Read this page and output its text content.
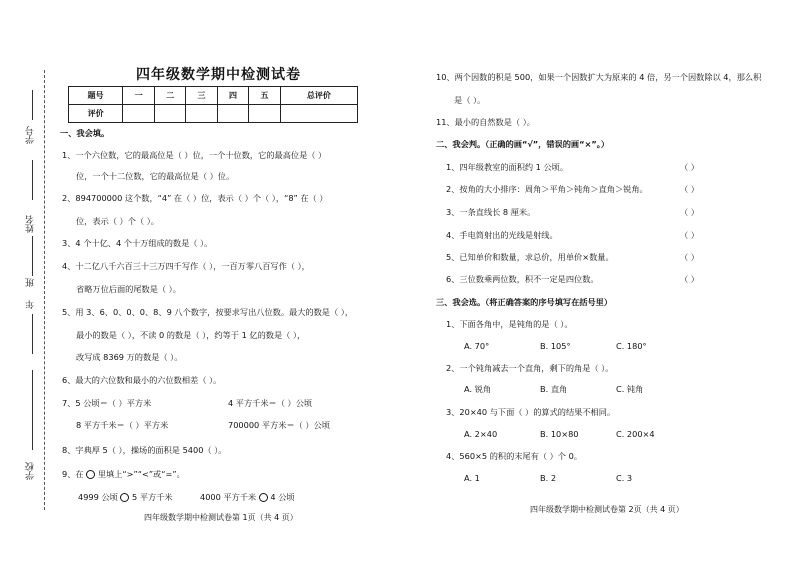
学号
姓名
年
班
学校
四年级数学期中检测试卷
题号	一	二	三	四	五	总评价
评价						
一、我会填。
1、一个六位数，它的最高位是（ ）位，一个十位数，它的最高位是（ ）
位，一个十二位数，它的最高位是（ ）位。
2、894700000 这个数，“4” 在（ ）位，表示（ ）个（ ），“8” 在（ ）
位，表示（ ）个（ ）。
3、4 个十亿、4 个十万组成的数是（ ）。
4、十二亿八千六百三十三万四千写作（ ），一百万零八百写作（ ），
省略万位后面的尾数是（ ）。
5、用 3、6、0、0、0、8、9 八个数字，按要求写出八位数。最大的数是（ ），
最小的数是（ ），不读 0 的数是（ ），约等于 1 亿的数是（ ），
改写成 8369 万的数是（ ）。
6、最大的六位数和最小的六位数相差（ ）。
7、5 公顷＝（ ）平方米	4 平方千米＝（ ）公顷
8 平方千米＝（ ）平方米	700000 平方米＝（ ）公顷
8、字典厚 5（ ），操场的面积是 5400（ ）。
9、在 里填上“>”“<”或“=”。
4999 公顷 5 平方千米	4000 平方千米 4 公顷
四年级数学期中检测试卷第 1页（共 4 页）
10、两个因数的积是 500，如果一个因数扩大为原来的 4 倍，另一个因数除以 4，那么积
是（ ）。
11、最小的自然数是（ ）。
二、我会判。（正确的画“√”，错误的画“×”。）
1、四年级教室的面积约 1 公顷。	（ ）
2、按角的大小排序：周角＞平角＞钝角＞直角＞锐角。	（ ）
3、一条直线长 8 厘米。	（ ）
4、手电筒射出的光线是射线。	（ ）
5、已知单价和数量，求总价，用单价×数量。	（ ）
6、三位数乘两位数，积不一定是四位数。	（ ）
三、我会选。（将正确答案的序号填写在括号里）
1、下面各角中，是钝角的是（ ）。
A. 70°	B. 105°	C. 180°
2、一个钝角减去一个直角，剩下的角是（ ）。
A. 锐角	B. 直角	C. 钝角
3、20×40 与下面（ ）的算式的结果不相同。
A. 2×40	B. 10×80	C. 200×4
4、560×5 的积的末尾有（ ）个 0。
A. 1	B. 2	C. 3
四年级数学期中检测试卷第 2页（共 4 页）
